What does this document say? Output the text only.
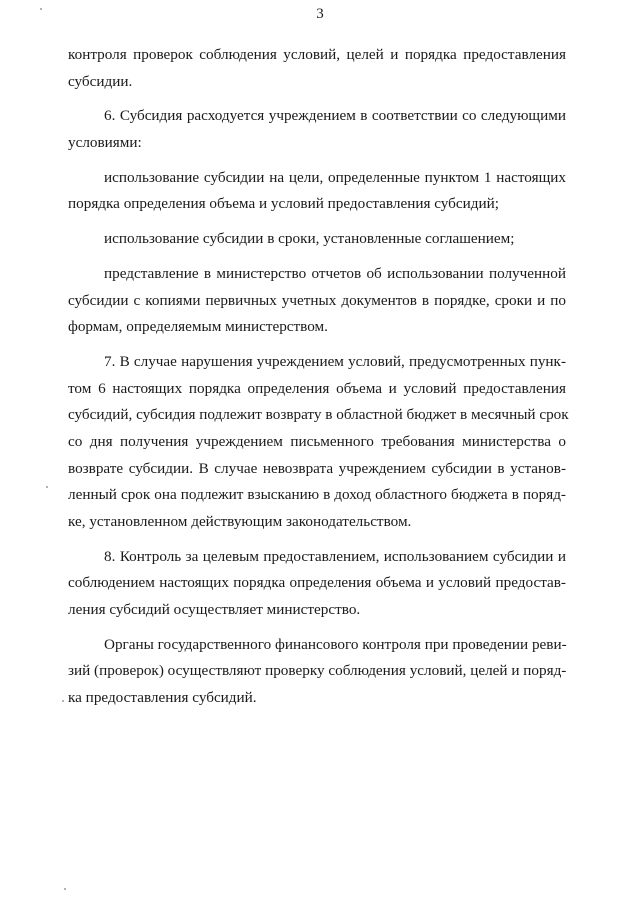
3
контроля проверок соблюдения условий, целей и порядка предоставления
субсидии.
6. Субсидия расходуется учреждением в соответствии со следующими
условиями:
использование субсидии на цели, определенные пунктом 1 настоящих
порядка определения объема и условий предоставления субсидий;
использование субсидии в сроки, установленные соглашением;
представление в министерство отчетов об использовании полученной
субсидии с копиями первичных учетных документов в порядке, сроки и по
формам, определяемым министерством.
7. В случае нарушения учреждением условий, предусмотренных пунк-
том 6 настоящих порядка определения объема и условий предоставления
субсидий, субсидия подлежит возврату в областной бюджет в месячный срок
со дня получения учреждением письменного требования министерства о
возврате субсидии. В случае невозврата учреждением субсидии в установ-
ленный срок она подлежит взысканию в доход областного бюджета в поряд-
ке, установленном действующим законодательством.
8. Контроль за целевым предоставлением, использованием субсидии и
соблюдением настоящих порядка определения объема и условий предостав-
ления субсидий осуществляет министерство.
Органы государственного финансового контроля при проведении реви-
зий (проверок) осуществляют проверку соблюдения условий, целей и поряд-
ка предоставления субсидий.
